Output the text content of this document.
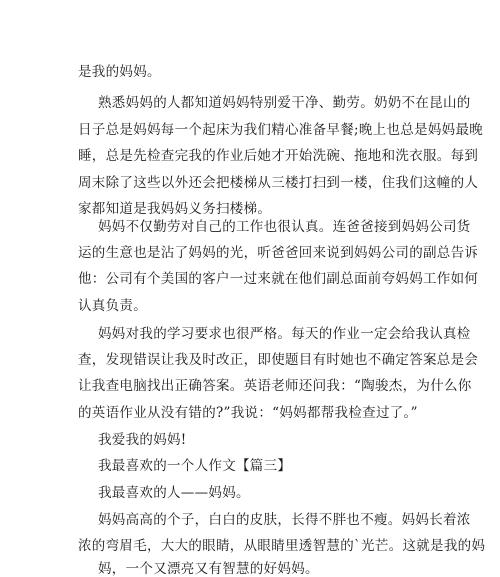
是我的妈妈。
熟悉妈妈的人都知道妈妈特别爱干净、勤劳。奶奶不在昆山的
日子总是妈妈每一个起床为我们精心准备早餐;晚上也总是妈妈最晚
睡，总是先检查完我的作业后她才开始洗碗、拖地和洗衣服。每到
周末除了这些以外还会把楼梯从三楼打扫到一楼，住我们这幢的人
家都知道是我妈妈义务扫楼梯。
妈妈不仅勤劳对自己的工作也很认真。连爸爸接到妈妈公司货
运的生意也是沾了妈妈的光，听爸爸回来说到妈妈公司的副总告诉
他：公司有个美国的客户一过来就在他们副总面前夸妈妈工作如何
认真负责。
妈妈对我的学习要求也很严格。每天的作业一定会给我认真检
查，发现错误让我及时改正，即使题目有时她也不确定答案总是会
让我查电脑找出正确答案。英语老师还问我：“陶骏杰，为什么你
的英语作业从没有错的?”我说：“妈妈都帮我检查过了。”
我爱我的妈妈!
我最喜欢的一个人作文【篇三】
我最喜欢的人——妈妈。
妈妈高高的个子，白白的皮肤，长得不胖也不瘦。妈妈长着浓
浓的弯眉毛，大大的眼睛，从眼睛里透智慧的`光芒。这就是我的妈
妈，一个又漂亮又有智慧的好妈妈。
